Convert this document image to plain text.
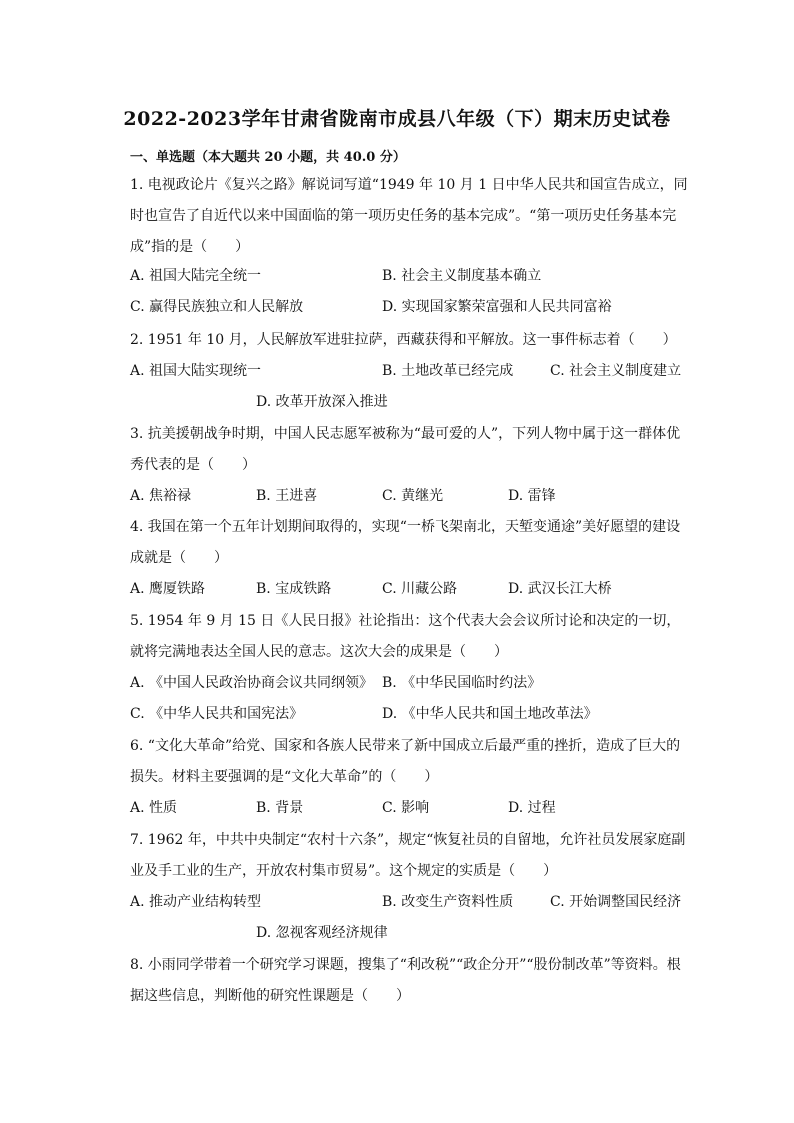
2022-2023学年甘肃省陇南市成县八年级（下）期末历史试卷
一、单选题（本大题共 20 小题，共 40.0 分）
1. 电视政论片《复兴之路》解说词写道“1949 年 10 月 1 日中华人民共和国宣告成立，同时也宣告了自近代以来中国面临的第一项历史任务的基本完成”。“第一项历史任务基本完成”指的是（　　）
A. 祖国大陆完全统一	B. 社会主义制度基本确立
C. 赢得民族独立和人民解放	D. 实现国家繁荣富强和人民共同富裕
2. 1951 年 10 月，人民解放军进驻拉萨，西藏获得和平解放。这一事件标志着（　　）
A. 祖国大陆实现统一	B. 土地改革已经完成	C. 社会主义制度建立
D. 改革开放深入推进
3. 抗美援朝战争时期，中国人民志愿军被称为“最可爱的人”，下列人物中属于这一群体优秀代表的是（　　）
A. 焦裕禄	B. 王进喜	C. 黄继光	D. 雷锋
4. 我国在第一个五年计划期间取得的，实现“一桥飞架南北，天堑变通途”美好愿望的建设成就是（　　）
A. 鹰厦铁路	B. 宝成铁路	C. 川藏公路	D. 武汉长江大桥
5. 1954 年 9 月 15 日《人民日报》社论指出：这个代表大会会议所讨论和决定的一切，就将完满地表达全国人民的意志。这次大会的成果是（　　）
A. 《中国人民政治协商会议共同纲领》 B. 《中华民国临时约法》
C. 《中华人民共和国宪法》	D. 《中华人民共和国土地改革法》
6. “文化大革命”给党、国家和各族人民带来了新中国成立后最严重的挫折，造成了巨大的损失。材料主要强调的是“文化大革命”的（　　）
A. 性质	B. 背景	C. 影响	D. 过程
7. 1962 年，中共中央制定“农村十六条”，规定“恢复社员的自留地，允许社员发展家庭副业及手工业的生产，开放农村集市贸易”。这个规定的实质是（　　）
A. 推动产业结构转型	B. 改变生产资料性质	C. 开始调整国民经济
D. 忽视客观经济规律
8. 小雨同学带着一个研究学习课题，搜集了“利改税”“政企分开”“股份制改革”等资料。根据这些信息，判断他的研究性课题是（　　）
